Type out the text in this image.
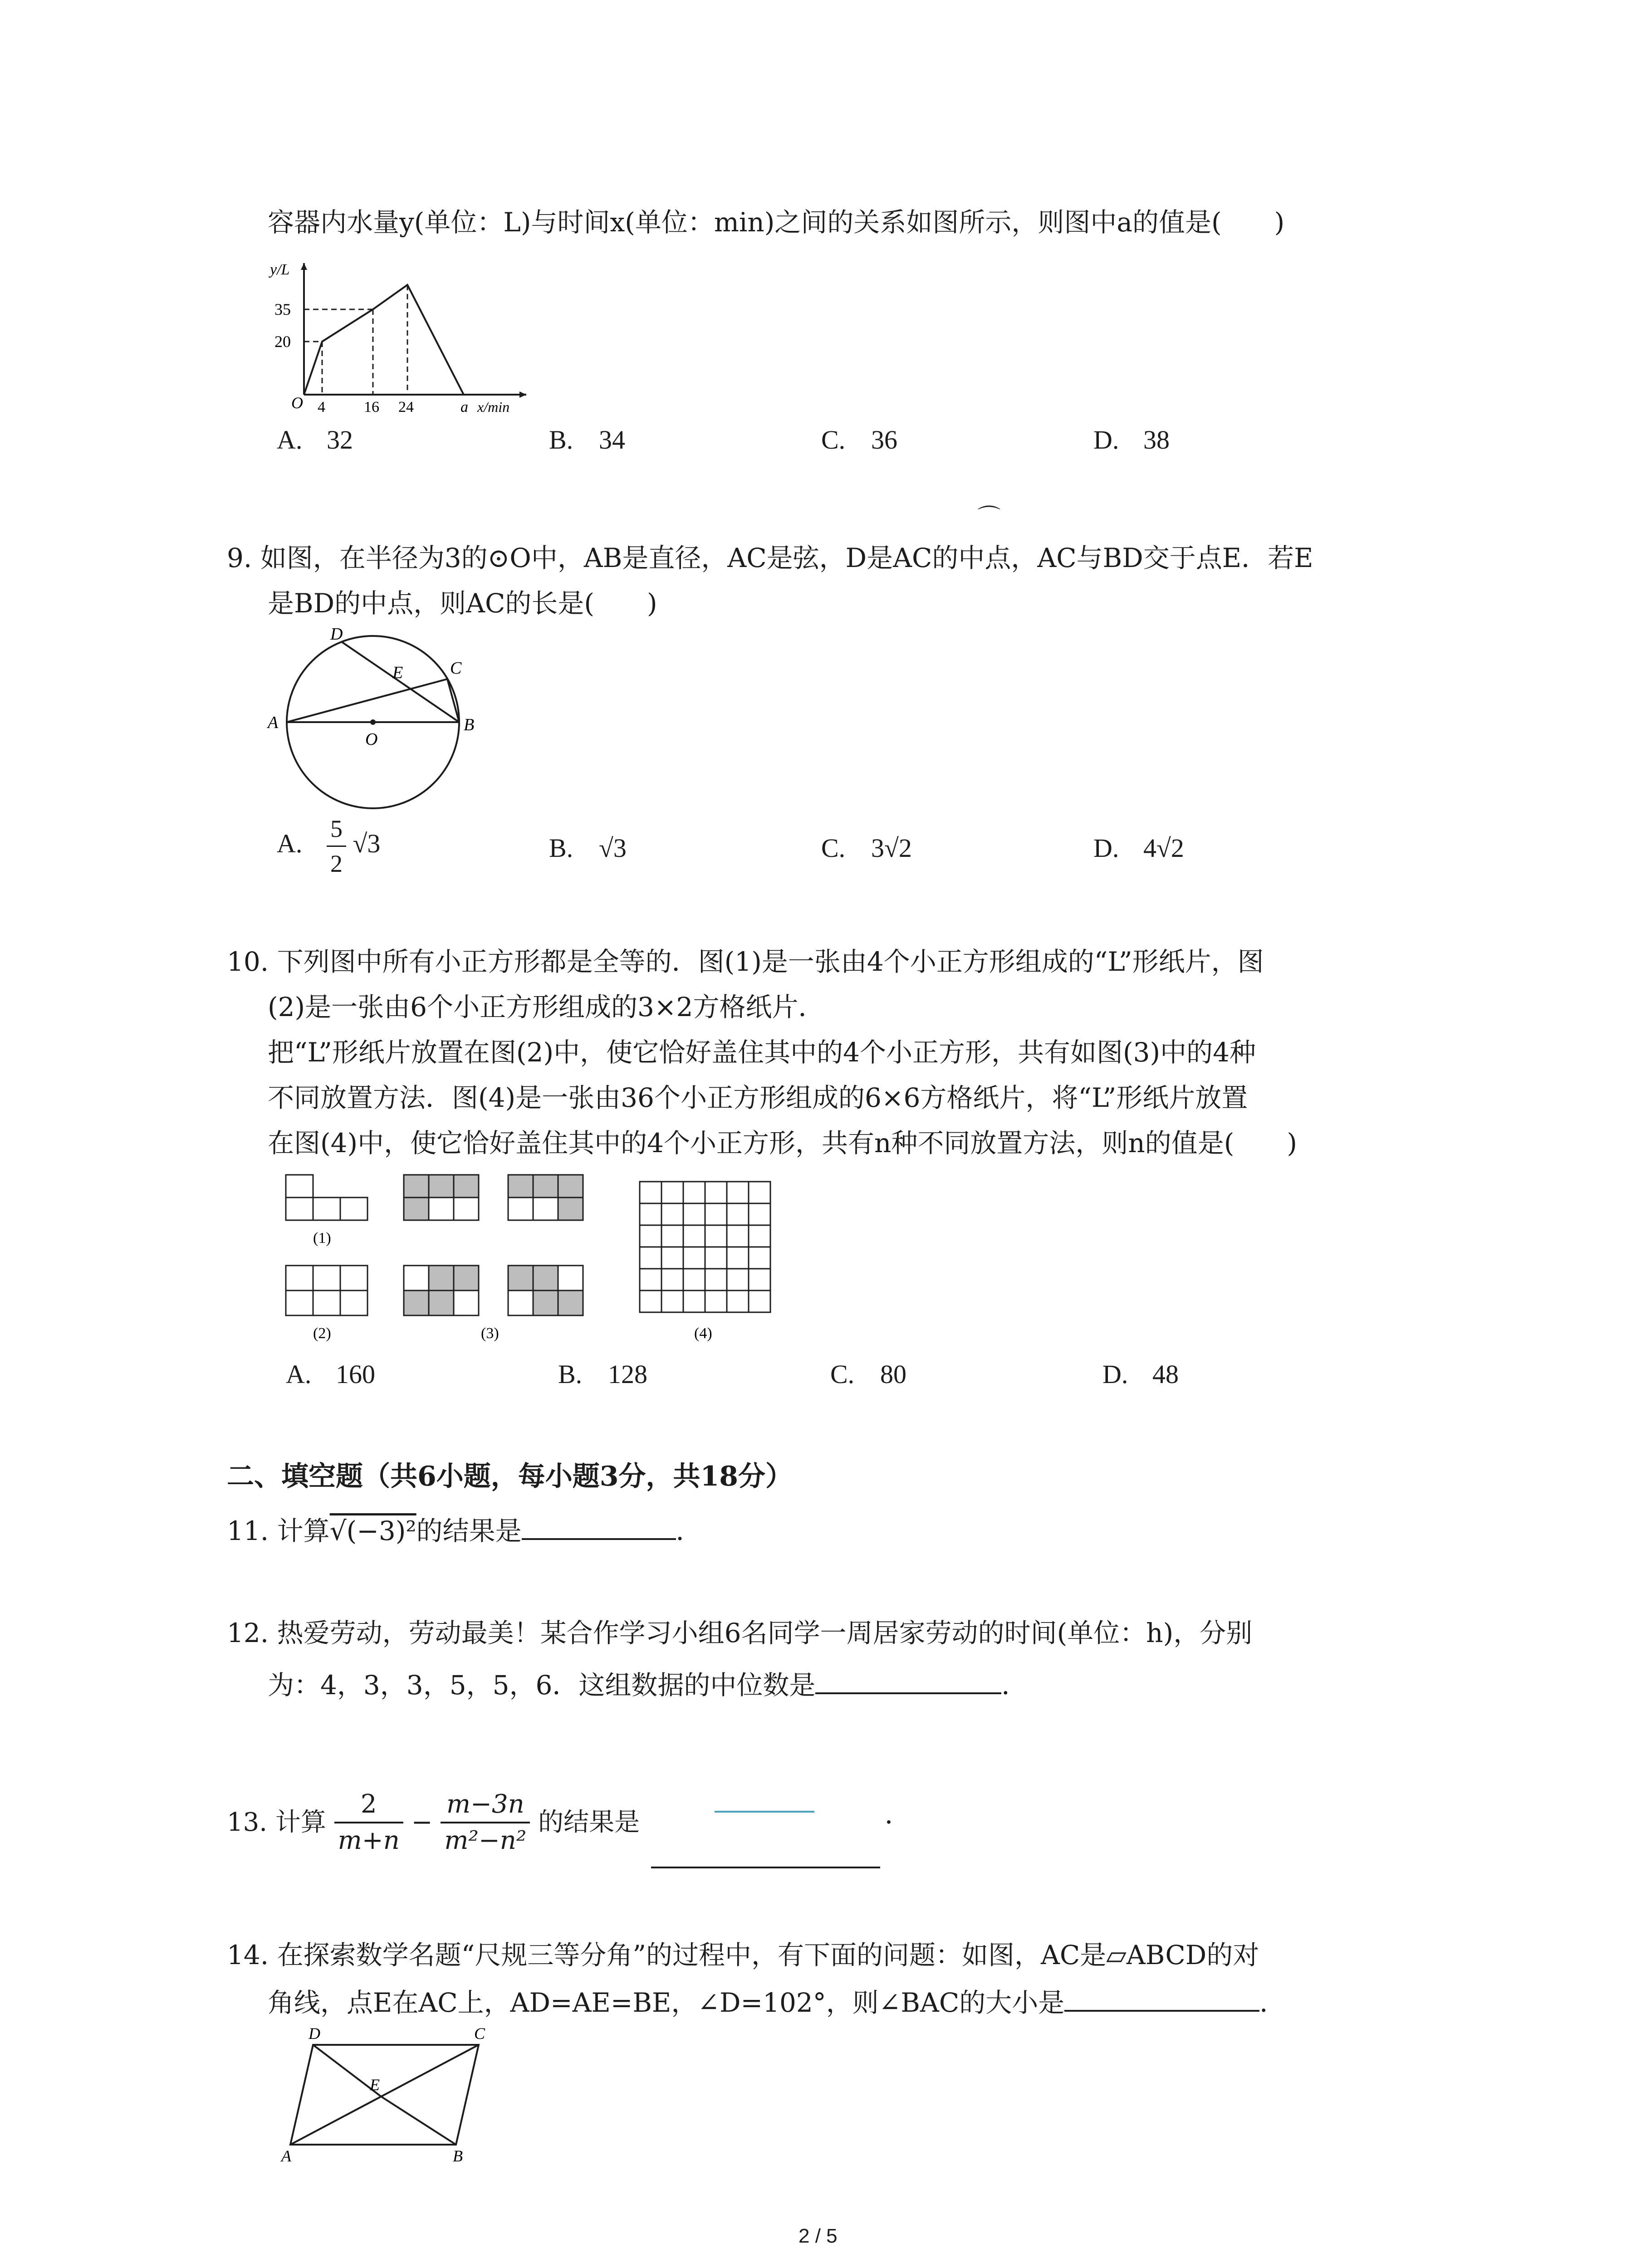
容器内水量y(单位：L)与时间x(单位：min)之间的关系如图所示，则图中a的值是(　　)
y/L
O
20
35
4	16 24	a x/min
A. 32	B. 34	C. 36	D. 38
⌒
9. 如图，在半径为3的⊙O中，AB是直径，AC是弦，D是AC的中点，AC与BD交于点E．若E
是BD的中点，则AC的长是(　　)
A	B
C
D
E
O
A. $\frac{5}{2} √3$	B. √3	C. 3√2	D. 4√2
10. 下列图中所有小正方形都是全等的．图(1)是一张由4个小正方形组成的“L”形纸片，图
(2)是一张由6个小正方形组成的3×2方格纸片．
把“L”形纸片放置在图(2)中，使它恰好盖住其中的4个小正方形，共有如图(3)中的4种
不同放置方法．图(4)是一张由36个小正方形组成的6×6方格纸片，将“L”形纸片放置
在图(4)中，使它恰好盖住其中的4个小正方形，共有n种不同放置方法，则n的值是(　　)
(1)
(2)	(3)	(4)
A. 160	B. 128	C. 80	D. 48
二、填空题（共6小题，每小题3分，共18分）
11. 计算√(−3)²的结果是	．
12. 热爱劳动，劳动最美！某合作学习小组6名同学一周居家劳动的时间(单位：h)，分别
为：4，3，3，5，5，6．这组数据的中位数是	．
13. 计算 $\frac{2}{m+n} - \frac{m-3n}{\text{m²−n²}}$ 的结果是	．
14. 在探索数学名题“尺规三等分角”的过程中，有下面的问题：如图，AC是▱ABCD的对
角线，点E在AC上，AD=AE=BE，∠D=102°，则∠BAC的大小是	．
D	C
E
A	B
2 / 5
